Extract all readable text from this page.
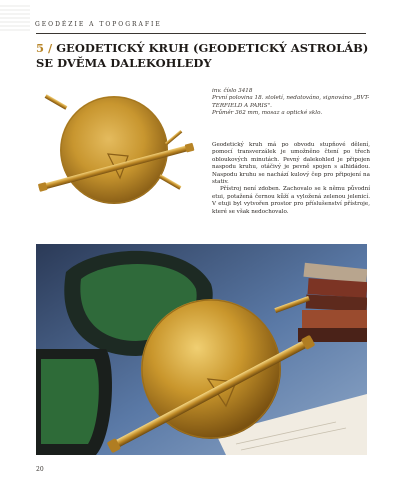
GEODÉZIE A TOPOGRAFIE
5 / GEODETICKÝ KRUH (GEODETICKÝ ASTROLÁB) SE DVĚMA DALEKOHLEDY
inv. číslo 3418
První polovina 18. století, nedatováno, signováno „BVT-TERFIELD A PARIS".
Průměr 362 mm, mosaz a optické sklo.

Geodetický kruh má po obvodu stupňové dělení, pomocí transverzálek je umožněno čtení po třech obloukových minutách. Pevný dalekohled je připojen naspodu kruhu, otáčivý je pevně spojen s alhidádou. Naspodu kruhu se nachází kulový čep pro připojení na stativ.

Přístroj není zdoben. Zachovalo se k němu původní etui, potažená černou kůží a vyložená zelenou jelenicí. V etuji byl vytvořen prostor pro příslušenství přístroje, které se však nedochovalo.

20
